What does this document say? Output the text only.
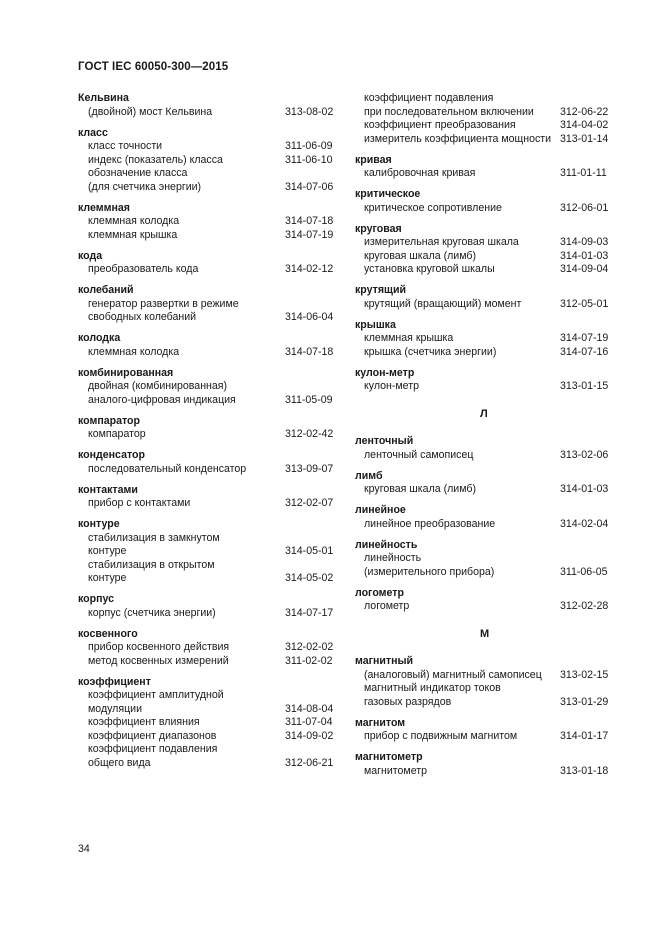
ГОСТ IEC 60050-300—2015
Кельвина
(двойной) мост Кельвина	313-08-02
класс
класс точности	311-06-09
индекс (показатель) класса	311-06-10
обозначение класса
(для счетчика энергии)	314-07-06
клеммная
клеммная колодка	314-07-18
клеммная крышка	314-07-19
кода
преобразователь кода	314-02-12
колебаний
генератор развертки в режиме
свободных колебаний	314-06-04
колодка
клеммная колодка	314-07-18
комбинированная
двойная (комбинированная)
аналого-цифровая индикация	311-05-09
компаратор
компаратор	312-02-42
конденсатор
последовательный конденсатор	313-09-07
контактами
прибор с контактами	312-02-07
контуре
стабилизация в замкнутом
контуре	314-05-01
стабилизация в открытом
контуре	314-05-02
корпус
корпус (счетчика энергии)	314-07-17
косвенного
прибор косвенного действия	312-02-02
метод косвенных измерений	311-02-02
коэффициент
коэффициент амплитудной
модуляции	314-08-04
коэффициент влияния	311-07-04
коэффициент диапазонов	314-09-02
коэффициент подавления
общего вида	312-06-21
коэффициент подавления
при последовательном включении 312-06-22
коэффициент преобразования	314-04-02
измеритель коэффициента мощности 313-01-14
кривая
калибровочная кривая	311-01-11
критическое
критическое сопротивление	312-06-01
круговая
измерительная круговая шкала	314-09-03
круговая шкала (лимб)	314-01-03
установка круговой шкалы	314-09-04
крутящий
крутящий (вращающий) момент	312-05-01
крышка
клеммная крышка	314-07-19
крышка (счетчика энергии)	314-07-16
кулон-метр
кулон-метр	313-01-15
Л
ленточный
ленточный самописец	313-02-06
лимб
круговая шкала (лимб)	314-01-03
линейное
линейное преобразование	314-02-04
линейность
линейность
(измерительного прибора)	311-06-05
логометр
логометр	312-02-28
М
магнитный
(аналоговый) магнитный самописец 313-02-15
магнитный индикатор токов
газовых разрядов	313-01-29
магнитом
прибор с подвижным магнитом	314-01-17
магнитометр
магнитометр	313-01-18
34
